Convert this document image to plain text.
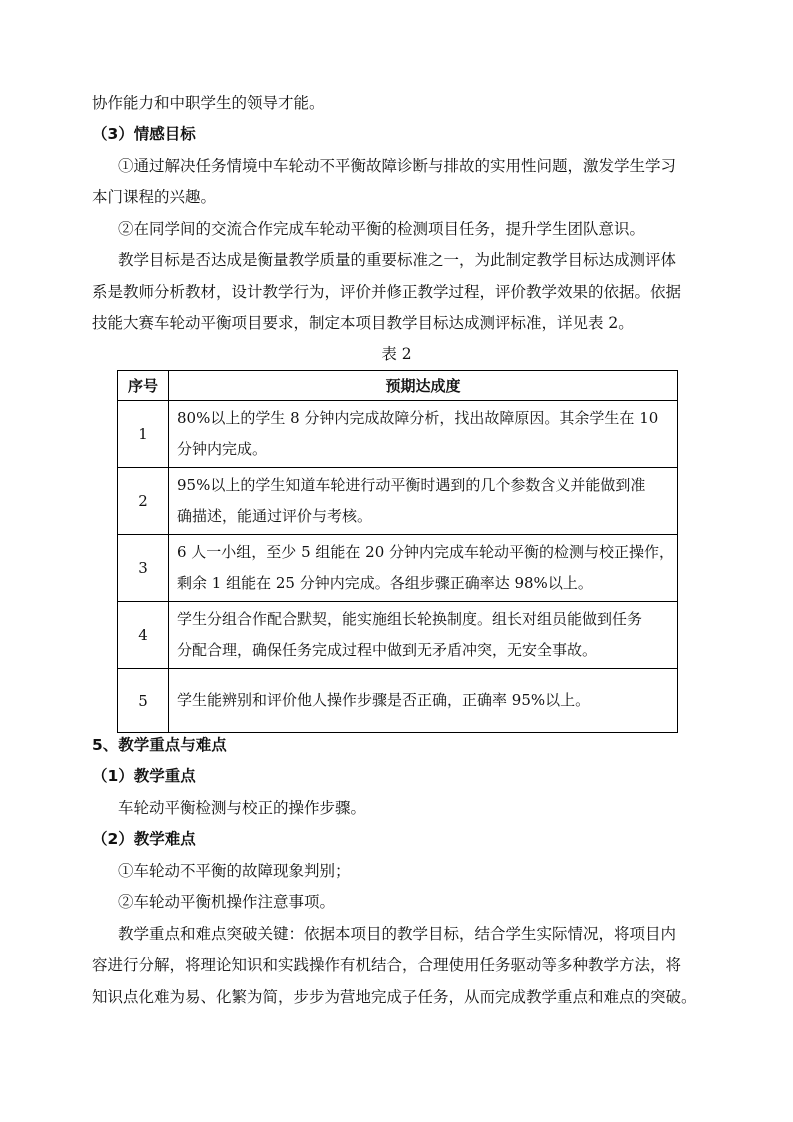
协作能力和中职学生的领导才能。
（3）情感目标
①通过解决任务情境中车轮动不平衡故障诊断与排故的实用性问题，激发学生学习
本门课程的兴趣。
②在同学间的交流合作完成车轮动平衡的检测项目任务，提升学生团队意识。
教学目标是否达成是衡量教学质量的重要标准之一，为此制定教学目标达成测评体
系是教师分析教材，设计教学行为，评价并修正教学过程，评价教学效果的依据。依据
技能大赛车轮动平衡项目要求，制定本项目教学目标达成测评标准，详见表 2。
表 2
序号	预期达成度
1	80%以上的学生 8 分钟内完成故障分析，找出故障原因。其余学生在 10
分钟内完成。

2	95%以上的学生知道车轮进行动平衡时遇到的几个参数含义并能做到准
确描述，能通过评价与考核。

3	6 人一小组，至少 5 组能在 20 分钟内完成车轮动平衡的检测与校正操作，
剩余 1 组能在 25 分钟内完成。各组步骤正确率达 98%以上。

4	学生分组合作配合默契，能实施组长轮换制度。组长对组员能做到任务
分配合理，确保任务完成过程中做到无矛盾冲突，无安全事故。

5	学生能辨别和评价他人操作步骤是否正确，正确率 95%以上。
5、教学重点与难点
（1）教学重点
车轮动平衡检测与校正的操作步骤。
（2）教学难点
①车轮动不平衡的故障现象判别；
②车轮动平衡机操作注意事项。
教学重点和难点突破关键：依据本项目的教学目标，结合学生实际情况，将项目内
容进行分解，将理论知识和实践操作有机结合，合理使用任务驱动等多种教学方法，将
知识点化难为易、化繁为简，步步为营地完成子任务，从而完成教学重点和难点的突破。
